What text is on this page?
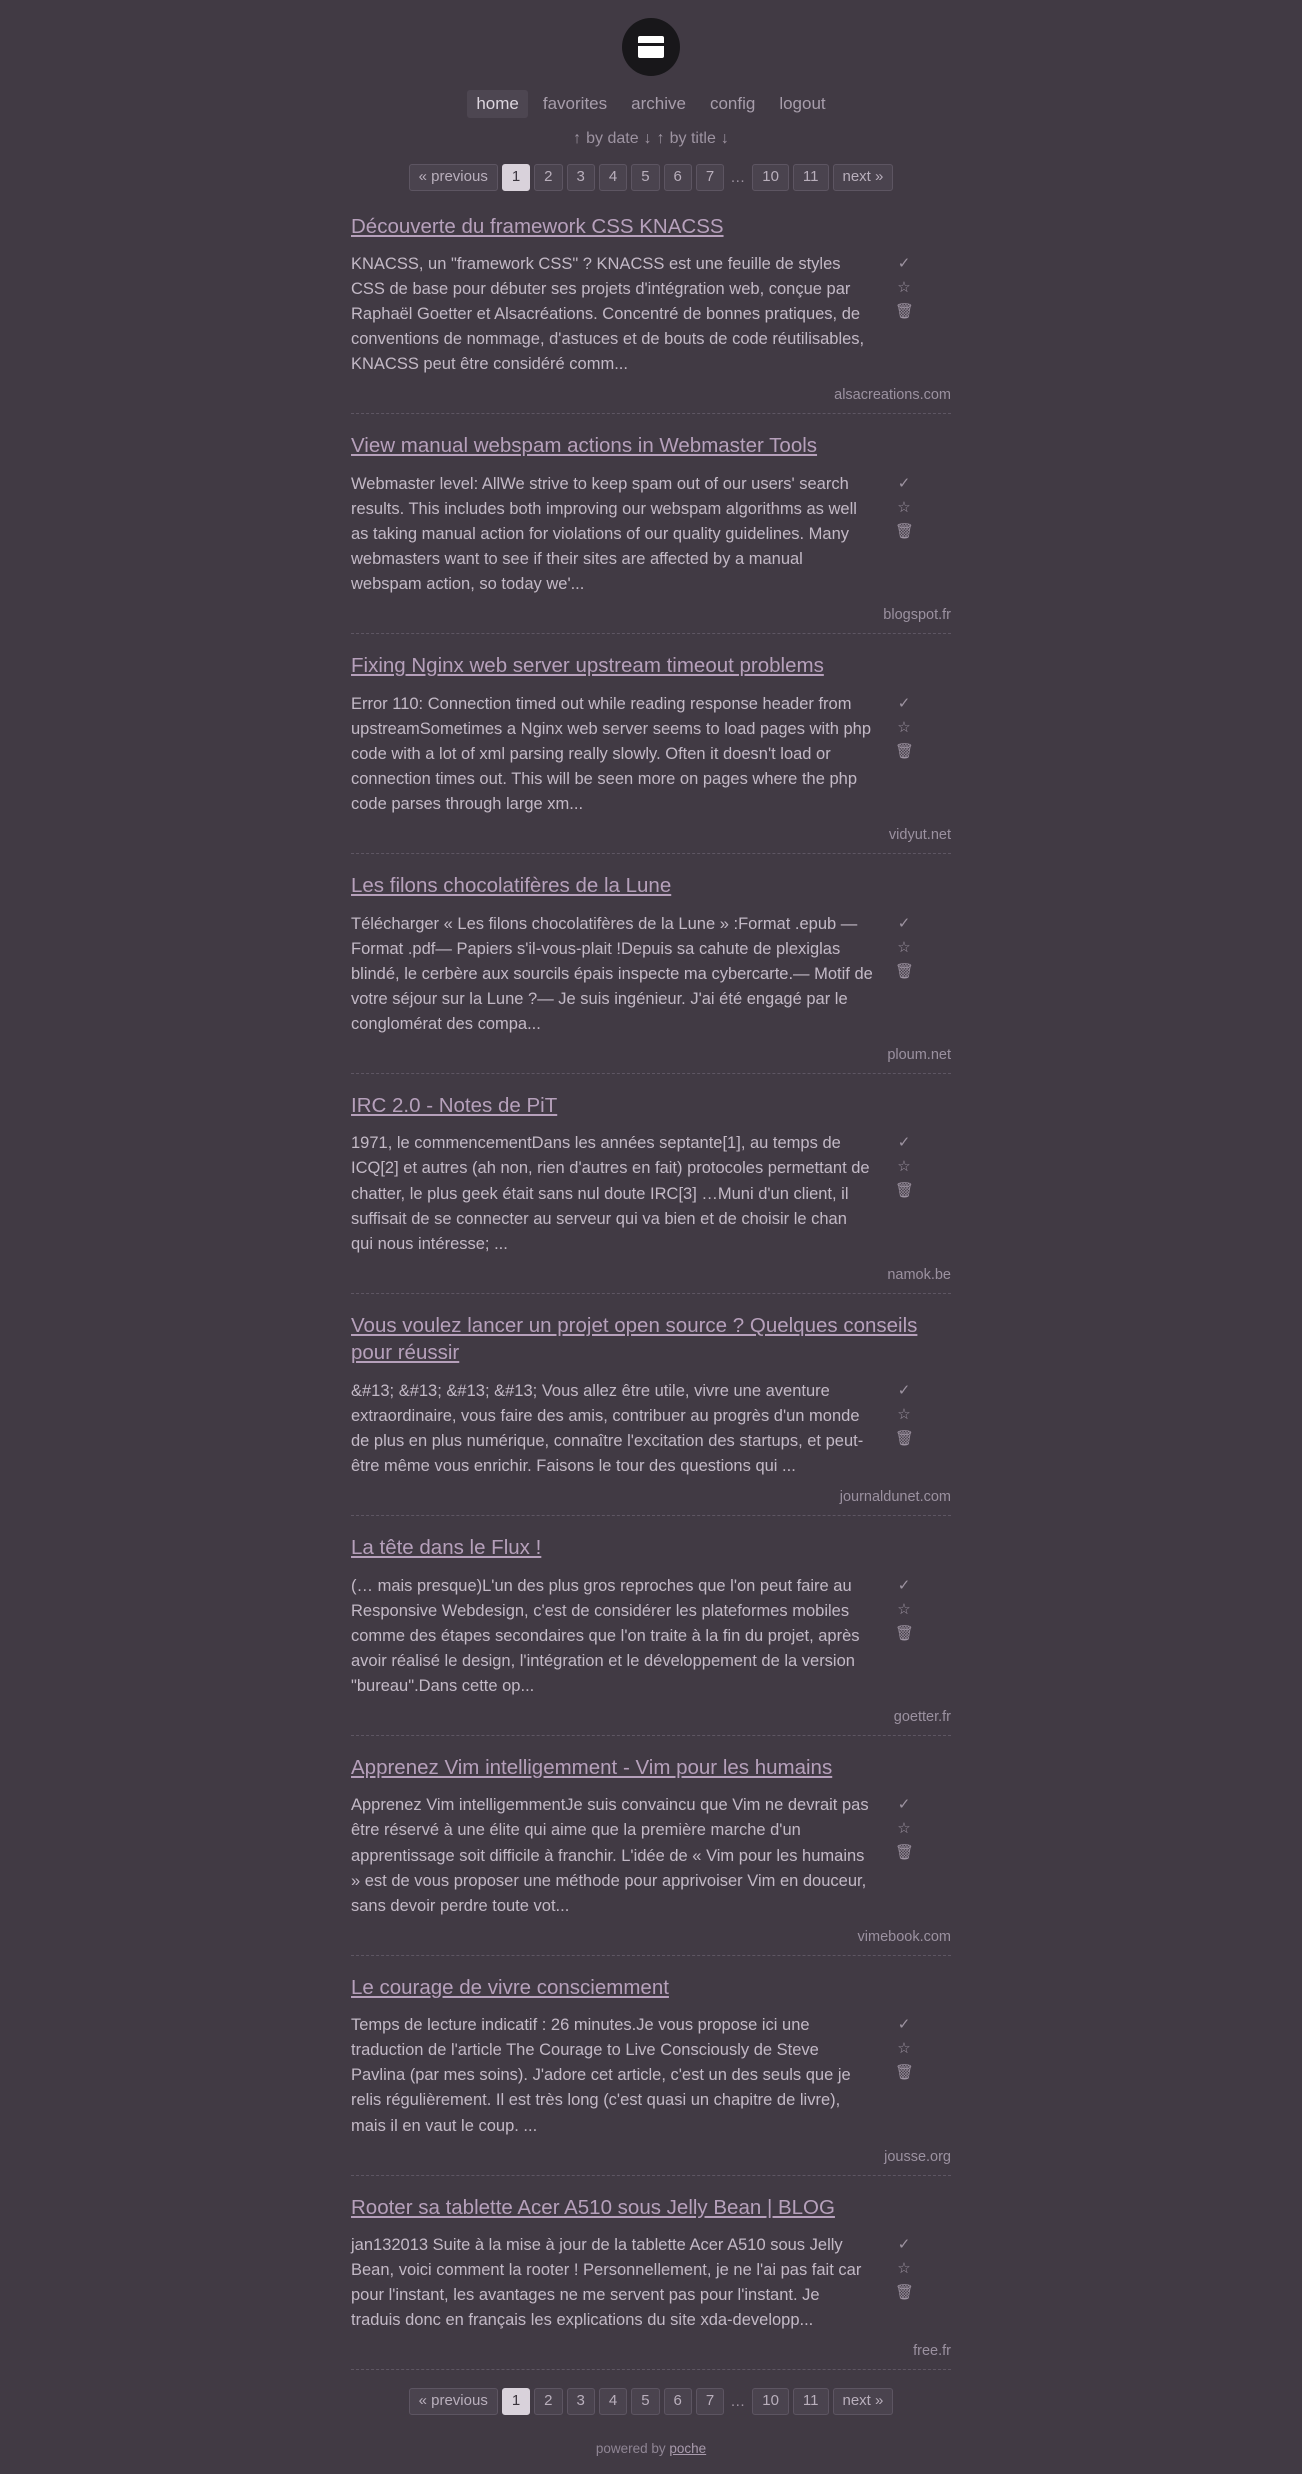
home	favorites	archive	config	logout
↑ by date ↓ ↑ by title ↓
« previous	1	2	3	4	5	6	7	…	10	11	next »
Découverte du framework CSS KNACSS
KNACSS, un "framework CSS" ? KNACSS est une feuille de styles CSS de base pour débuter ses projets d'intégration web, conçue par Raphaël Goetter et Alsacréations. Concentré de bonnes pratiques, de conventions de nommage, d'astuces et de bouts de code réutilisables, KNACSS peut être considéré comm...
✓
☆
🗑
alsacreations.com
View manual webspam actions in Webmaster Tools
Webmaster level: AllWe strive to keep spam out of our users' search results. This includes both improving our webspam algorithms as well as taking manual action for violations of our quality guidelines. Many webmasters want to see if their sites are affected by a manual webspam action, so today we'...
✓
☆
🗑
blogspot.fr
Fixing Nginx web server upstream timeout problems
Error 110: Connection timed out while reading response header from upstreamSometimes a Nginx web server seems to load pages with php code with a lot of xml parsing really slowly. Often it doesn't load or connection times out. This will be seen more on pages where the php code parses through large xm...
✓
☆
🗑
vidyut.net
Les filons chocolatifères de la Lune
Télécharger « Les filons chocolatifères de la Lune » :Format .epub — Format .pdf— Papiers s'il-vous-plait !Depuis sa cahute de plexiglas blindé, le cerbère aux sourcils épais inspecte ma cybercarte.— Motif de votre séjour sur la Lune ?— Je suis ingénieur. J'ai été engagé par le conglomérat des compa...
✓
☆
🗑
ploum.net
IRC 2.0 - Notes de PiT
1971, le commencementDans les années septante[1], au temps de ICQ[2] et autres (ah non, rien d'autres en fait) protocoles permettant de chatter, le plus geek était sans nul doute IRC[3] …Muni d'un client, il suffisait de se connecter au serveur qui va bien et de choisir le chan qui nous intéresse; ...
✓
☆
🗑
namok.be
Vous voulez lancer un projet open source ? Quelques conseils pour réussir
&#13; &#13; &#13; &#13; Vous allez être utile, vivre une aventure extraordinaire, vous faire des amis, contribuer au progrès d'un monde de plus en plus numérique, connaître l'excitation des startups, et peut-être même vous enrichir. Faisons le tour des questions qui ...
✓
☆
🗑
journaldunet.com
La tête dans le Flux !
(… mais presque)L'un des plus gros reproches que l'on peut faire au Responsive Webdesign, c'est de considérer les plateformes mobiles comme des étapes secondaires que l'on traite à la fin du projet, après avoir réalisé le design, l'intégration et le développement de la version "bureau".Dans cette op...
✓
☆
🗑
goetter.fr
Apprenez Vim intelligemment - Vim pour les humains
Apprenez Vim intelligemmentJe suis convaincu que Vim ne devrait pas être réservé à une élite qui aime que la première marche d'un apprentissage soit difficile à franchir. L'idée de « Vim pour les humains » est de vous proposer une méthode pour apprivoiser Vim en douceur, sans devoir perdre toute vot...
✓
☆
🗑
vimebook.com
Le courage de vivre consciemment
Temps de lecture indicatif : 26 minutes.Je vous propose ici une traduction de l'article The Courage to Live Consciously de Steve Pavlina (par mes soins). J'adore cet article, c'est un des seuls que je relis régulièrement. Il est très long (c'est quasi un chapitre de livre), mais il en vaut le coup. ...
✓
☆
🗑
jousse.org
Rooter sa tablette Acer A510 sous Jelly Bean | BLOG
jan132013 Suite à la mise à jour de la tablette Acer A510 sous Jelly Bean, voici comment la rooter ! Personnellement, je ne l'ai pas fait car pour l'instant, les avantages ne me servent pas pour l'instant. Je traduis donc en français les explications du site xda-developp...
✓
☆
🗑
free.fr
« previous	1	2	3	4	5	6	7	…	10	11	next »
powered by poche
